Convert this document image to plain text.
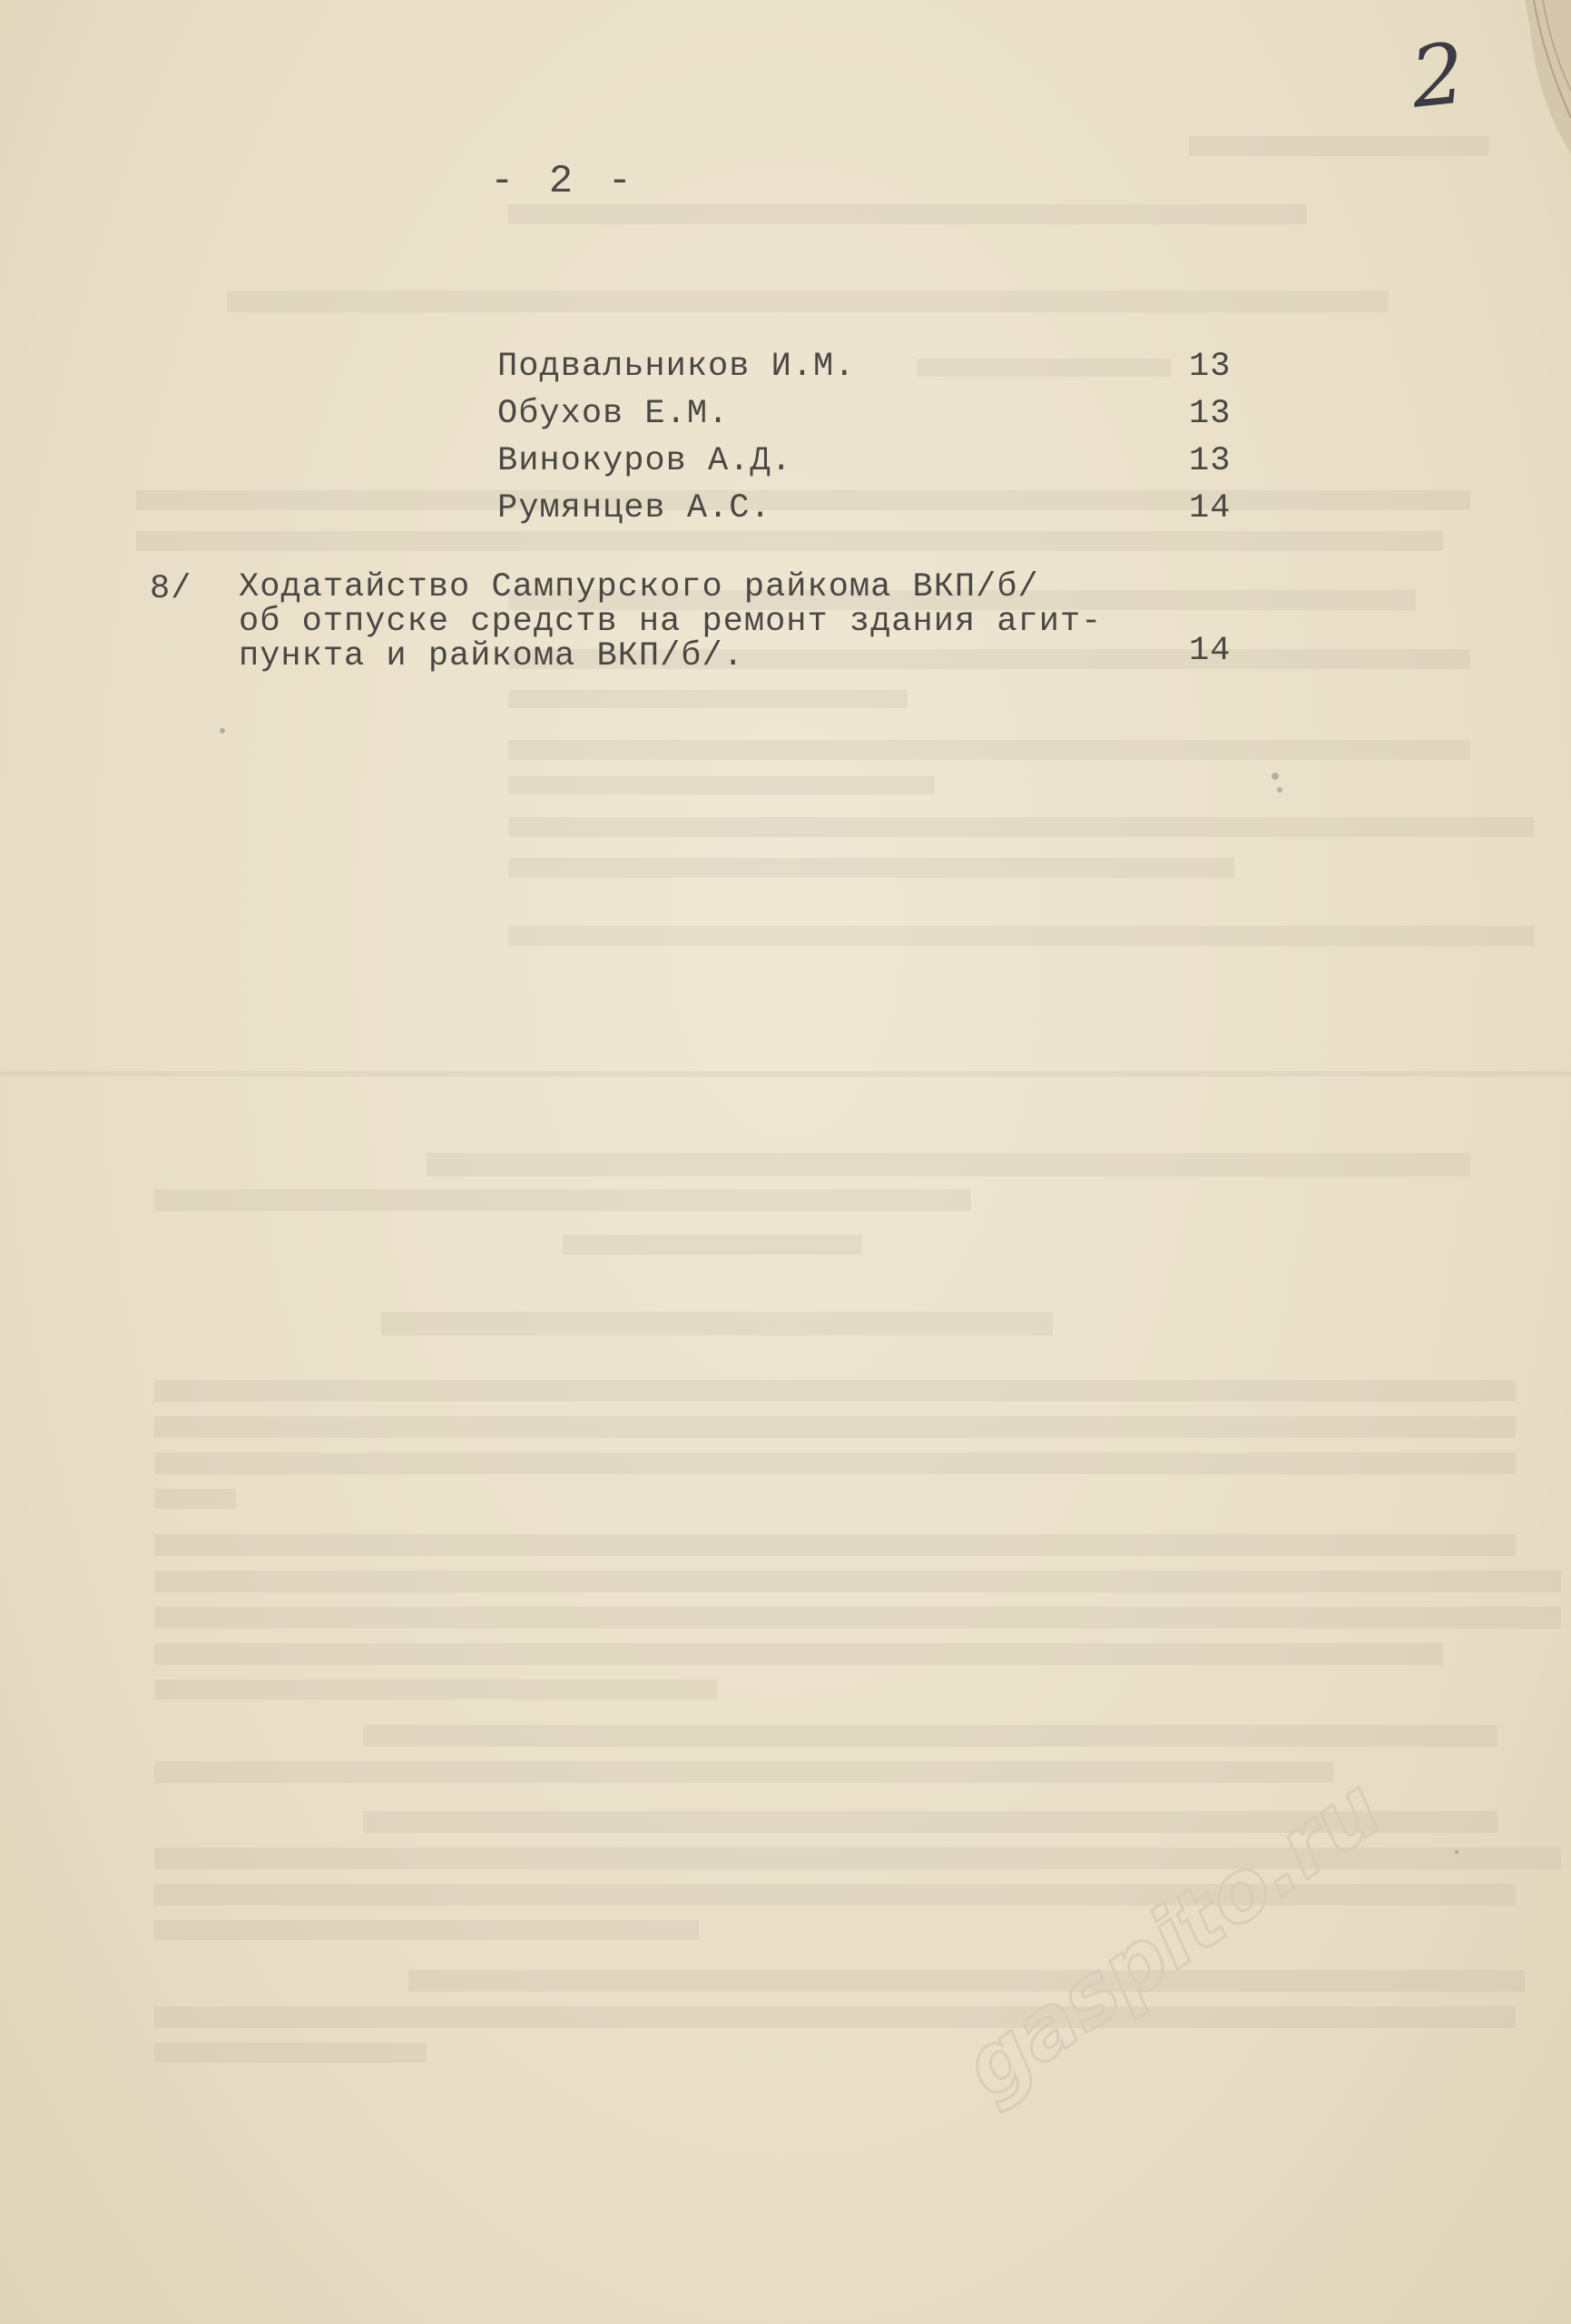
2
- 2 -
Подвальников И.М.	13
Обухов Е.М.	13
Винокуров А.Д.	13
Румянцев А.С.	14
8/ Ходатайство Сампурского райкома ВКП/б/
об отпуске средств на ремонт здания агит-
пункта и райкома ВКП/б/.	14
gaspito.ru
